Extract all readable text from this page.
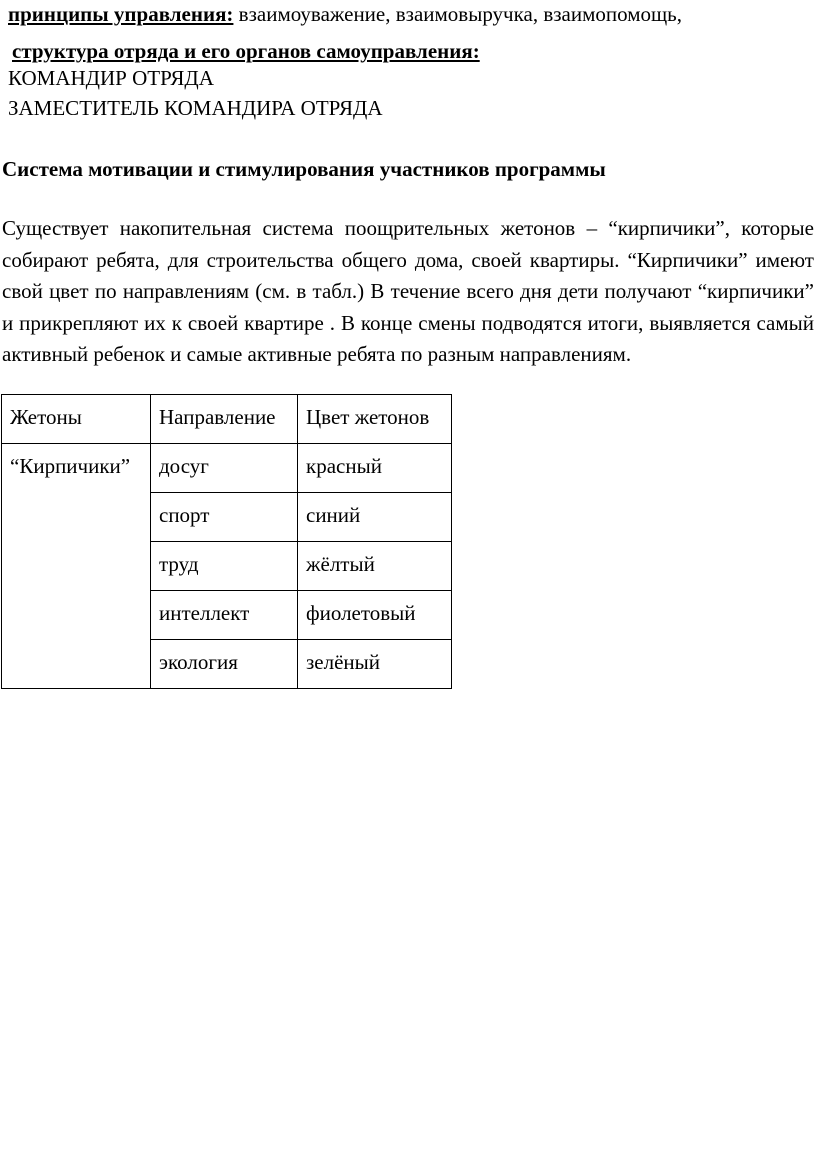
принципы управления: взаимоуважение, взаимовыручка, взаимопомощь,
структура отряда и его органов самоуправления:
КОМАНДИР ОТРЯДА
ЗАМЕСТИТЕЛЬ КОМАНДИРА ОТРЯДА
Система мотивации и стимулирования участников программы
Существует накопительная система поощрительных жетонов – “кирпичики”, которые собирают ребята, для строительства общего дома, своей квартиры. “Кирпичики” имеют свой цвет по направлениям (см. в табл.) В течение всего дня дети получают “кирпичики” и прикрепляют их к своей квартире . В конце смены подводятся итоги, выявляется самый активный ребенок и самые активные ребята по разным направлениям.
Жетоны	Направление	Цвет жетонов
“Кирпичики”	досуг	красный
	спорт	синий
	труд	жёлтый
	интеллект	фиолетовый
	экология	зелёный
